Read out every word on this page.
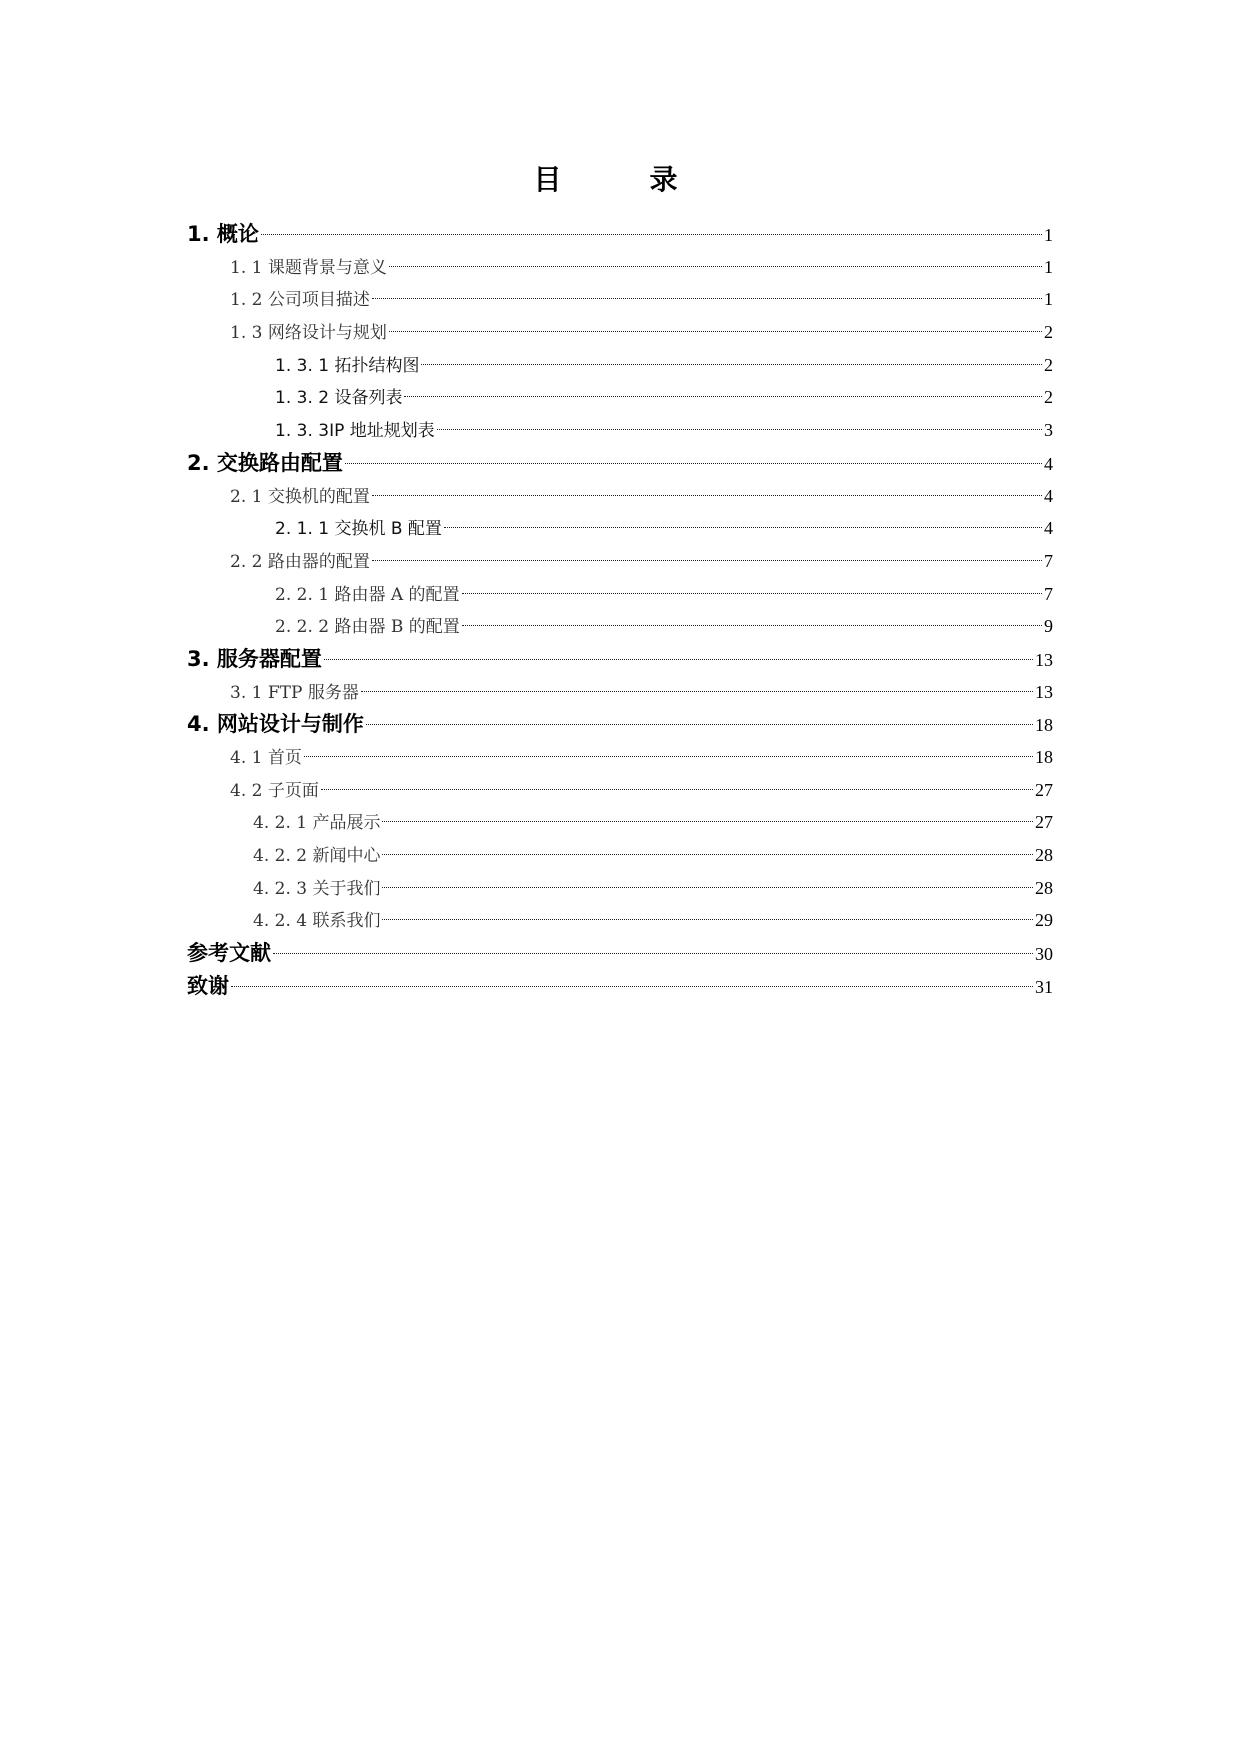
目　录
1. 概论	1
1. 1 课题背景与意义	1
1. 2 公司项目描述	1
1. 3 网络设计与规划	2
1. 3. 1 拓扑结构图	2
1. 3. 2 设备列表	2
1. 3. 3IP 地址规划表	3
2. 交换路由配置	4
2. 1 交换机的配置	4
2. 1. 1 交换机 B 配置	4
2. 2 路由器的配置	7
2. 2. 1 路由器 A 的配置	7
2. 2. 2 路由器 B 的配置	9
3. 服务器配置	13
3. 1 FTP 服务器	13
4. 网站设计与制作	18
4. 1 首页	18
4. 2 子页面	27
4. 2. 1 产品展示	27
4. 2. 2 新闻中心	28
4. 2. 3 关于我们	28
4. 2. 4 联系我们	29
参考文献	30
致谢	31
